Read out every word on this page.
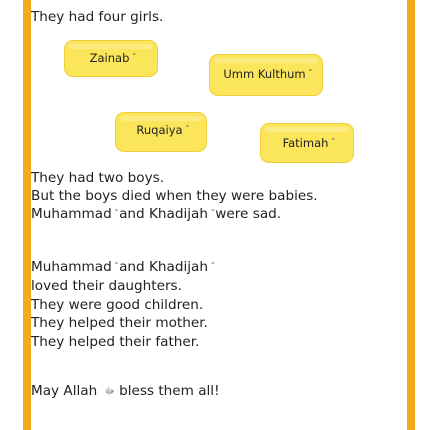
They had four girls.
Zainab
Umm Kulthum
Ruqaiya
Fatimah
They had two boys.
But the boys died when they were babies.
Muhammad and Khadijah were sad.
Muhammad and Khadijah
loved their daughters.
They were good children.
They helped their mother.
They helped their father.
May Allah ﷻ bless them all!
